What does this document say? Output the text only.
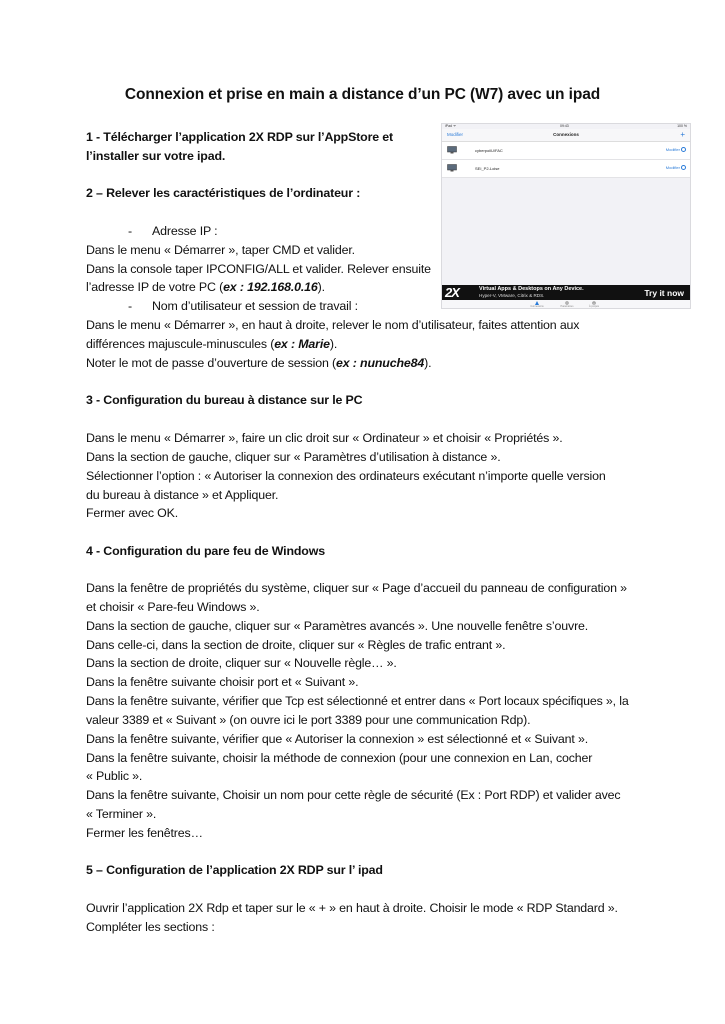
Connexion et prise en main a distance d’un PC (W7) avec un ipad
1 - Télécharger l’application 2X RDP sur l’AppStore et
l’installer sur votre ipad.
2 – Relever les caractéristiques de l’ordinateur :
- Adresse IP :
Dans le menu « Démarrer », taper CMD et valider.
Dans la console taper IPCONFIG/ALL et valider. Relever ensuite
l’adresse IP de votre PC (ex : 192.168.0.16).
- Nom d’utilisateur et session de travail :
Dans le menu « Démarrer », en haut à droite, relever le nom d’utilisateur, faites attention aux
différences majuscule-minuscules (ex : Marie).
Noter le mot de passe d’ouverture de session (ex : nunuche84).
3 - Configuration du bureau à distance sur le PC
Dans le menu « Démarrer », faire un clic droit sur « Ordinateur » et choisir « Propriétés ».
Dans la section de gauche, cliquer sur « Paramètres d’utilisation à distance ».
Sélectionner l’option : « Autoriser la connexion des ordinateurs exécutant n’importe quelle version
du bureau à distance » et Appliquer.
Fermer avec OK.
4 - Configuration du pare feu de Windows
Dans la fenêtre de propriétés du système, cliquer sur « Page d’accueil du panneau de configuration »
et choisir « Pare-feu Windows ».
Dans la section de gauche, cliquer sur « Paramètres avancés ». Une nouvelle fenêtre s’ouvre.
Dans celle-ci, dans la section de droite, cliquer sur « Règles de trafic entrant ».
Dans la section de droite, cliquer sur « Nouvelle règle… ».
Dans la fenêtre suivante choisir port et « Suivant ».
Dans la fenêtre suivante, vérifier que Tcp est sélectionné et entrer dans « Port locaux spécifiques », la
valeur 3389 et « Suivant » (on ouvre ici le port 3389 pour une communication Rdp).
Dans la fenêtre suivante, vérifier que « Autoriser la connexion » est sélectionné et « Suivant ».
Dans la fenêtre suivante, choisir la méthode de connexion (pour une connexion en Lan, cocher
« Public ».
Dans la fenêtre suivante, Choisir un nom pour cette règle de sécurité (Ex : Port RDP) et valider avec
« Terminer ».
Fermer les fenêtres…
5 – Configuration de l’application 2X RDP sur l’ ipad
Ouvrir l’application 2X Rdp et taper sur le « + » en haut à droite. Choisir le mode « RDP Standard ».
Compléter les sections :
iPad ᯤ	09:43	100 %
Modifier	Connexions	+
cyberpoilU/FAC	Modifier
SEI_P2-Loise	Modifier
2X	Virtual Apps & Desktops on Any Device.
Hyper-V, VMware, Citrix & RDS.	Try it now
Connexions	Paramètres	À propos
